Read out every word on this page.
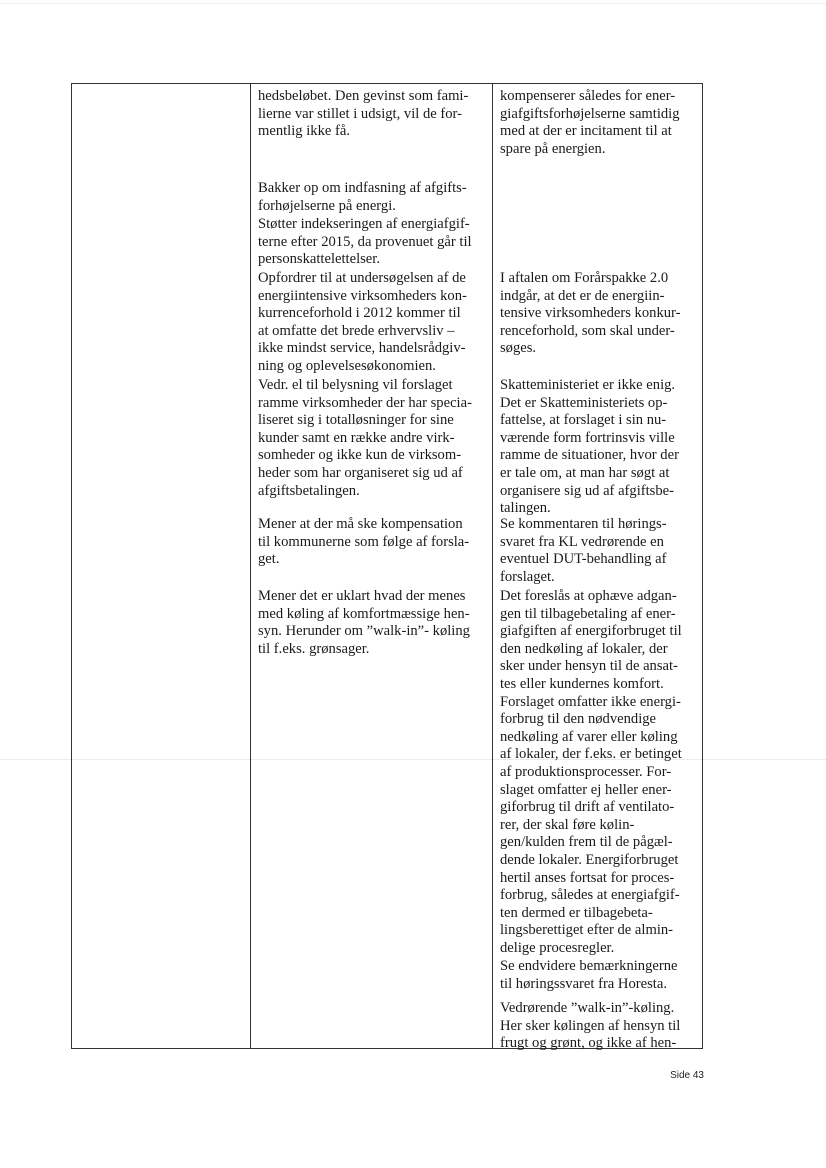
hedsbeløbet. Den gevinst som fami-
lierne var stillet i udsigt, vil de for-
mentlig ikke få.

Bakker op om indfasning af afgifts-
forhøjelserne på energi.

Støtter indekseringen af energiafgif-
terne efter 2015, da provenuet går til
personskattelettelser.

Opfordrer til at undersøgelsen af de
energiintensive virksomheders kon-
kurrenceforhold i 2012 kommer til
at omfatte det brede erhvervsliv –
ikke mindst service, handelsrådgiv-
ning og oplevelsesøkonomien.

Vedr. el til belysning vil forslaget
ramme virksomheder der har specia-
liseret sig i totalløsninger for sine
kunder samt en række andre virk-
somheder og ikke kun de virksom-
heder som har organiseret sig ud af
afgiftsbetalingen.

Mener at der må ske kompensation
til kommunerne som følge af forsla-
get.

Mener det er uklart hvad der menes
med køling af komfortmæssige hen-
syn. Herunder om ”walk-in”- køling
til f.eks. grønsager.

kompenserer således for ener-
giafgiftsforhøjelserne samtidig
med at der er incitament til at
spare på energien.

I aftalen om Forårspakke 2.0
indgår, at det er de energiin-
tensive virksomheders konkur-
renceforhold, som skal under-
søges.

Skatteministeriet er ikke enig.
Det er Skatteministeriets op-
fattelse, at forslaget i sin nu-
værende form fortrinsvis ville
ramme de situationer, hvor der
er tale om, at man har søgt at
organisere sig ud af afgiftsbe-
talingen.

Se kommentaren til hørings-
svaret fra KL vedrørende en
eventuel DUT-behandling af
forslaget.

Det foreslås at ophæve adgan-
gen til tilbagebetaling af ener-
giafgiften af energiforbruget til
den nedkøling af lokaler, der
sker under hensyn til de ansat-
tes eller kundernes komfort.
Forslaget omfatter ikke energi-
forbrug til den nødvendige
nedkøling af varer eller køling
af lokaler, der f.eks. er betinget
af produktionsprocesser. For-
slaget omfatter ej heller ener-
giforbrug til drift af ventilato-
rer, der skal føre kølin-
gen/kulden frem til de pågæl-
dende lokaler. Energiforbruget
hertil anses fortsat for proces-
forbrug, således at energiafgif-
ten dermed er tilbagebeta-
lingsberettiget efter de almin-
delige procesregler.

Se endvidere bemærkningerne
til høringssvaret fra Horesta.

Vedrørende ”walk-in”-køling.
Her sker kølingen af hensyn til
frugt og grønt, og ikke af hen-

Side 43
